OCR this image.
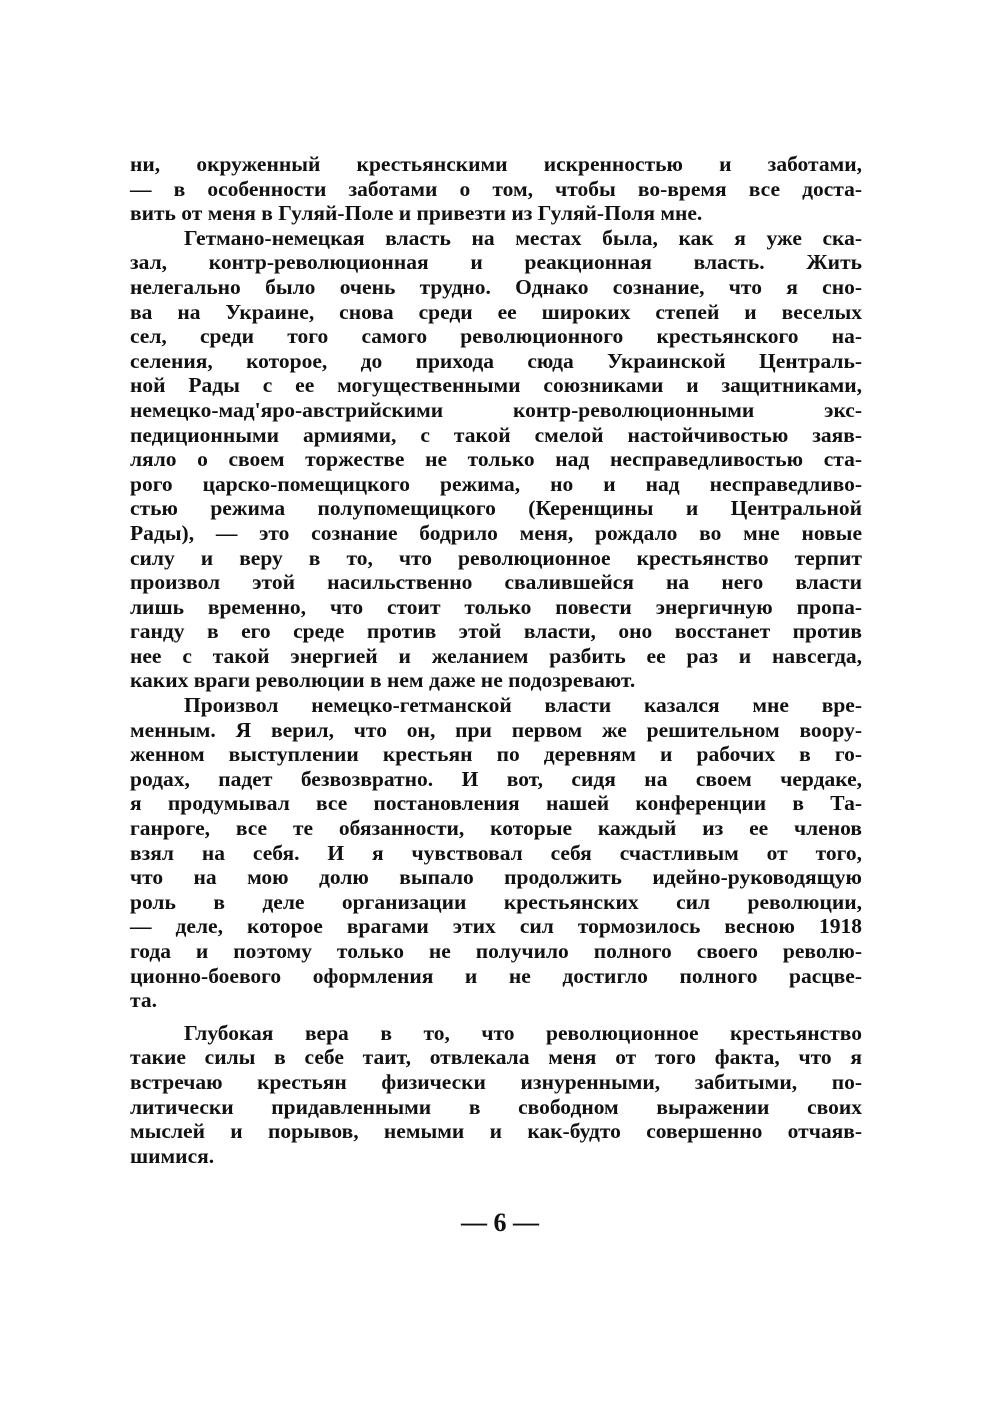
ни, окруженный крестьянскими искренностью и заботами,
— в особенности заботами о том, чтобы во-время все доста-
вить от меня в Гуляй-Поле и привезти из Гуляй-Поля мне.

Гетмано-немецкая власть на местах была, как я уже ска-
зал, контр-революционная и реакционная власть. Жить
нелегально было очень трудно. Однако сознание, что я сно-
ва на Украине, снова среди ее широких степей и веселых
сел, среди того самого революционного крестьянского на-
селения, которое, до прихода сюда Украинской Централь-
ной Рады с ее могущественными союзниками и защитниками,
немецко-мад'яро-австрийскими контр-революционными экс-
педиционными армиями, с такой смелой настойчивостью заяв-
ляло о своем торжестве не только над несправедливостью ста-
рого царско-помещицкого режима, но и над несправедливо-
стью режима полупомещицкого (Керенщины и Центральной
Рады), — это сознание бодрило меня, рождало во мне новые
силу и веру в то, что революционное крестьянство терпит
произвол этой насильственно свалившейся на него власти
лишь временно, что стоит только повести энергичную пропа-
ганду в его среде против этой власти, оно восстанет против
нее с такой энергией и желанием разбить ее раз и навсегда,
каких враги революции в нем даже не подозревают.

Произвол немецко-гетманской власти казался мне вре-
менным. Я верил, что он, при первом же решительном воору-
женном выступлении крестьян по деревням и рабочих в го-
родах, падет безвозвратно. И вот, сидя на своем чердаке,
я продумывал все постановления нашей конференции в Та-
ганроге, все те обязанности, которые каждый из ее членов
взял на себя. И я чувствовал себя счастливым от того,
что на мою долю выпало продолжить идейно-руководящую
роль в деле организации крестьянских сил революции,
— деле, которое врагами этих сил тормозилось весною 1918
года и поэтому только не получило полного своего револю-
ционно-боевого оформления и не достигло полного расцве-
та.

Глубокая вера в то, что революционное крестьянство
такие силы в себе таит, отвлекала меня от того факта, что я
встречаю крестьян физически изнуренными, забитыми, по-
литически придавленными в свободном выражении своих
мыслей и порывов, немыми и как-будто совершенно отчаяв-
шимися.

— 6 —
